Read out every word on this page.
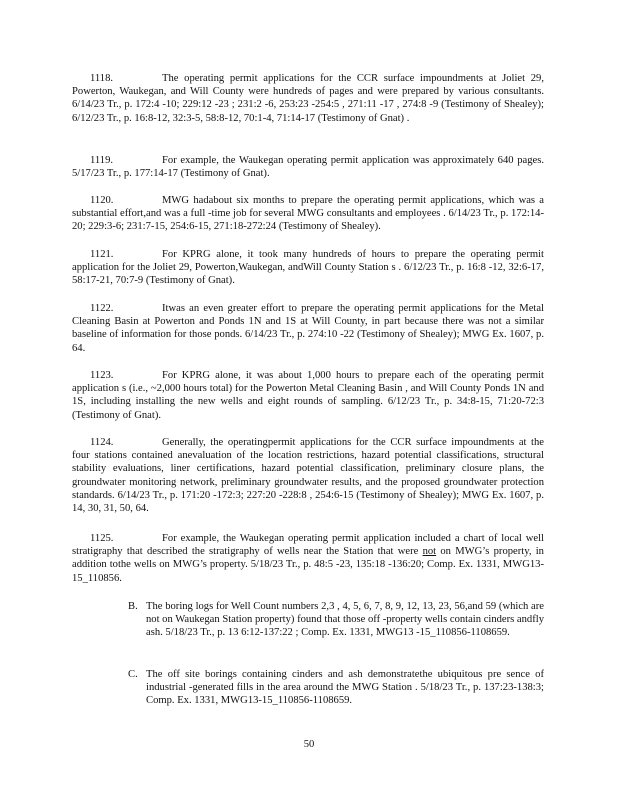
1118.	The operating permit applications for the CCR surface impoundments at Joliet 29, Powerton, Waukegan, and Will County were hundreds of pages and were prepared by various consultants. 6/14/23 Tr., p. 172:4 -10; 229:12 -23 ; 231:2 -6, 253:23 -254:5 , 271:11 -17 , 274:8 -9 (Testimony of Shealey); 6/12/23 Tr., p. 16:8-12, 32:3-5, 58:8-12, 70:1-4, 71:14-17 (Testimony of Gnat) .

1119.	For example, the Waukegan operating permit application was approximately 640 pages. 5/17/23 Tr., p. 177:14-17 (Testimony of Gnat).

1120.	MWG hadabout six months to prepare the operating permit applications, which was a substantial effort,and was a full -time job for several MWG consultants and employees . 6/14/23 Tr., p. 172:14-20; 229:3-6; 231:7-15, 254:6-15, 271:18-272:24 (Testimony of Shealey).

1121.	For KPRG alone, it took many hundreds of hours to prepare the operating permit application for the Joliet 29, Powerton,Waukegan, andWill County Station s . 6/12/23 Tr., p. 16:8 -12, 32:6-17, 58:17-21, 70:7-9 (Testimony of Gnat).

1122.	Itwas an even greater effort to prepare the operating permit applications for the Metal Cleaning Basin at Powerton and Ponds 1N and 1S at Will County, in part because there was not a similar baseline of information for those ponds. 6/14/23 Tr., p. 274:10 -22 (Testimony of Shealey); MWG Ex. 1607, p. 64.

1123.	For KPRG alone, it was about 1,000 hours to prepare each of the operating permit application s (i.e., ~2,000 hours total) for the Powerton Metal Cleaning Basin , and Will County Ponds 1N and 1S, including installing the new wells and eight rounds of sampling. 6/12/23 Tr., p. 34:8-15, 71:20-72:3 (Testimony of Gnat).

1124.	Generally, the operatingpermit applications for the CCR surface impoundments at the four stations contained anevaluation of the location restrictions, hazard potential classifications, structural stability evaluations, liner certifications, hazard potential classification, preliminary closure plans, the groundwater monitoring network, preliminary groundwater results, and the proposed groundwater protection standards. 6/14/23 Tr., p. 171:20 -172:3; 227:20 -228:8 , 254:6-15 (Testimony of Shealey); MWG Ex. 1607, p. 14, 30, 31, 50, 64.

1125.	For example, the Waukegan operating permit application included a chart of local well stratigraphy that described the stratigraphy of wells near the Station that were not on MWG’s property, in addition tothe wells on MWG’s property. 5/18/23 Tr., p. 48:5 -23, 135:18 -136:20; Comp. Ex. 1331, MWG13-15_110856.

B. The boring logs for Well Count numbers 2,3 , 4, 5, 6, 7, 8, 9, 12, 13, 23, 56,and 59 (which are not on Waukegan Station property) found that those off -property wells contain cinders andfly ash. 5/18/23 Tr., p. 13 6:12-137:22 ; Comp. Ex. 1331, MWG13 -15_110856-1108659.
C. The off site borings containing cinders and ash demonstratethe ubiquitous pre sence of industrial -generated fills in the area around the MWG Station . 5/18/23 Tr., p. 137:23-138:3; Comp. Ex. 1331, MWG13-15_110856-1108659.
50
